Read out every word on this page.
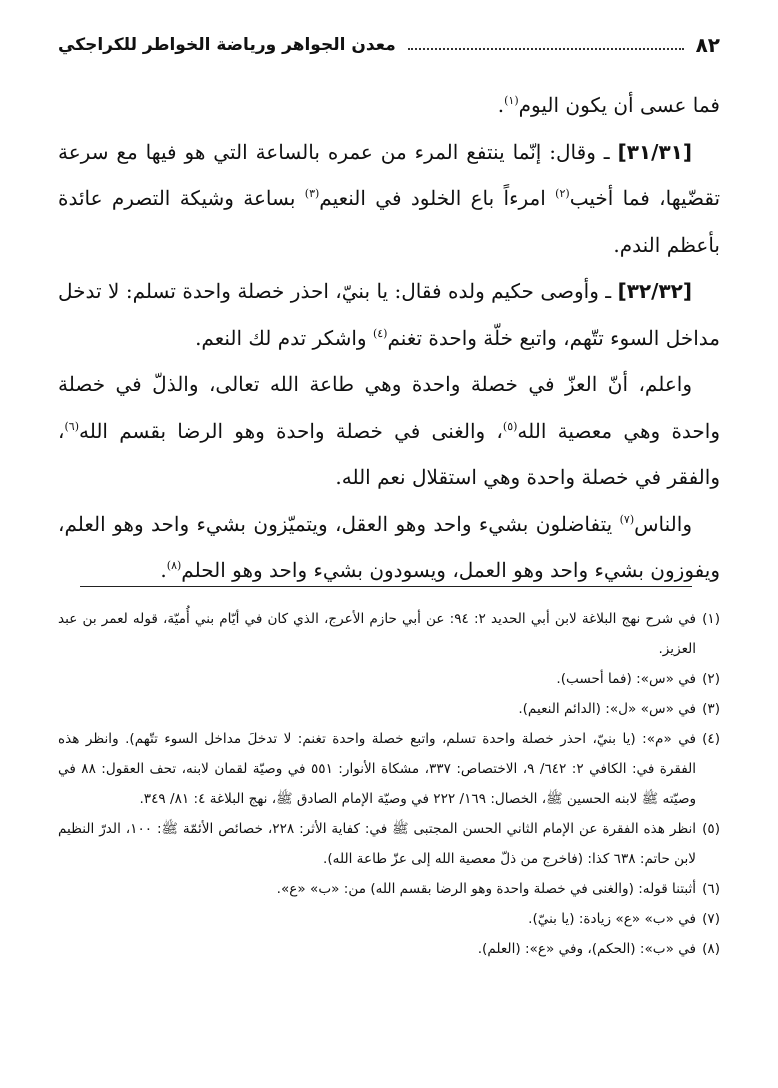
٨٢
معدن الجواهر ورياضة الخواطر للكراجكي

فما عسى أن يكون اليوم$^{(١)}$.

[٣١/٣١] ـ وقال: إنّما ينتفع المرء من عمره بالساعة التي هو فيها مع سرعة تقضّيها، فما أخيب$^{(٢)}$ امرءاً باع الخلود في النعيم$^{(٣)}$ بساعة وشيكة التصرم عائدة بأعظم الندم.

[٣٢/٣٢] ـ وأوصى حكيم ولده فقال: يا بنيّ، احذر خصلة واحدة تسلم: لا تدخل مداخل السوء تتّهم، واتبع خلّة واحدة تغنم$^{(٤)}$ واشكر تدم لك النعم.

واعلم، أنّ العزّ في خصلة واحدة وهي طاعة الله تعالى، والذلّ في خصلة واحدة وهي معصية الله$^{(٥)}$، والغنى في خصلة واحدة وهو الرضا بقسم الله$^{(٦)}$، والفقر في خصلة واحدة وهي استقلال نعم الله.

والناس$^{(٧)}$ يتفاضلون بشيء واحد وهو العقل، ويتميّزون بشيء واحد وهو العلم، ويفوزون بشيء واحد وهو العمل، ويسودون بشيء واحد وهو الحلم$^{(٨)}$.

(١)
في شرح نهج البلاغة لابن أبي الحديد ٢: ٩٤: عن أبي حازم الأعرج، الذي كان في أيّام بني أُميّة، قوله لعمر بن عبد العزيز.
(٢)
في «س»: (فما أحسب).
(٣)
في «س» «ل»: (الدائم النعيم).
(٤)
في «م»: (يا بنيّ، احذر خصلة واحدة تسلم، واتبع خصلة واحدة تغنم: لا تدخلَ مداخل السوء تتّهم). وانظر هذه الفقرة في: الكافي ٢: ٦٤٢/ ٩، الاختصاص: ٣٣٧، مشكاة الأنوار: ٥٥١ في وصيّة لقمان لابنه، تحف العقول: ٨٨ في وصيّته ﷺ لابنه الحسين ﷺ، الخصال: ١٦٩/ ٢٢٢ في وصيّة الإمام الصادق ﷺ، نهج البلاغة ٤: ٨١/ ٣٤٩.
(٥)
انظر هذه الفقرة عن الإمام الثاني الحسن المجتبى ﷺ في: كفاية الأثر: ٢٢٨، خصائص الأئمّة ﷺ: ١٠٠، الدرّ النظيم لابن حاتم: ٦٣٨ كذا: (فاخرج من ذلّ معصية الله إلى عزّ طاعة الله).
(٦)
أثبتنا قوله: (والغنى في خصلة واحدة وهو الرضا بقسم الله) من: «ب» «ع».
(٧)
في «ب» «ع» زيادة: (يا بنيّ).
(٨)
في «ب»: (الحكم)، وفي «ع»: (العلم).
